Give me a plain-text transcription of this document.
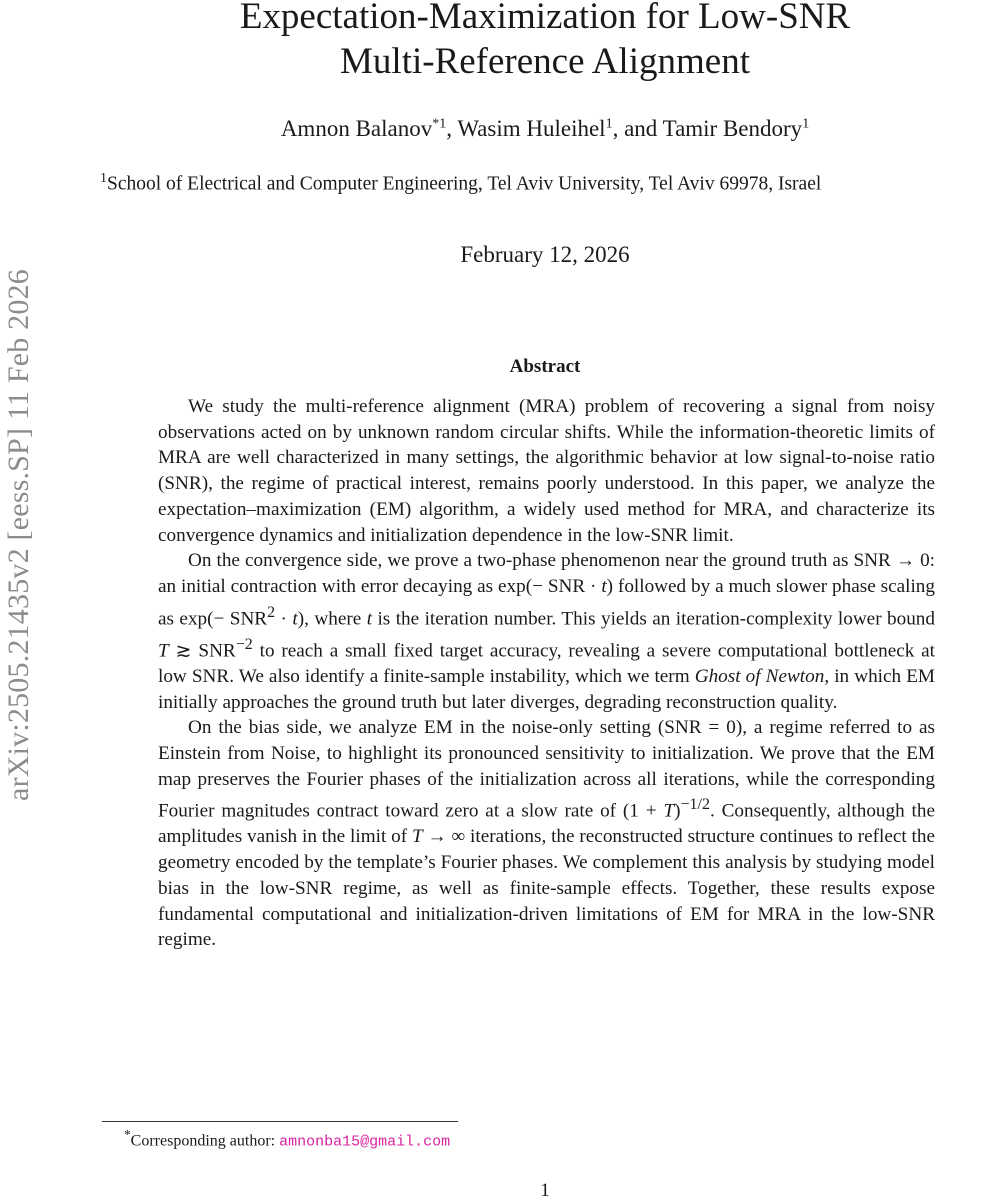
arXiv:2505.21435v2 [eess.SP] 11 Feb 2026
Expectation-Maximization for Low-SNR
Multi-Reference Alignment
Amnon Balanov$^{*1}$, Wasim Huleihel$^1$, and Tamir Bendory$^1$
$^1$School of Electrical and Computer Engineering, Tel Aviv University, Tel Aviv 69978, Israel
February 12, 2026
Abstract

We study the multi-reference alignment (MRA) problem of recovering a signal from noisy observations acted on by unknown random circular shifts. While the information-theoretic limits of MRA are well characterized in many settings, the algorithmic behavior at low signal-to-noise ratio (SNR), the regime of practical interest, remains poorly understood. In this paper, we analyze the expectation–maximization (EM) algorithm, a widely used method for MRA, and characterize its convergence dynamics and initialization dependence in the low-SNR limit.

On the convergence side, we prove a two-phase phenomenon near the ground truth as SNR → 0: an initial contraction with error decaying as exp(− SNR · t) followed by a much slower phase scaling as $\exp(- SNR^2 \cdot t)$, where t is the iteration number. This yields an iteration-complexity lower bound T ≳ $SNR^{-2}$ to reach a small fixed target accuracy, revealing a severe computational bottleneck at low SNR. We also identify a finite-sample instability, which we term Ghost of Newton, in which EM initially approaches the ground truth but later diverges, degrading reconstruction quality.

On the bias side, we analyze EM in the noise-only setting (SNR = 0), a regime referred to as Einstein from Noise, to highlight its pronounced sensitivity to initialization. We prove that the EM map preserves the Fourier phases of the initialization across all iterations, while the corresponding Fourier magnitudes contract toward zero at a slow rate of $(1 + T)^{-1/2}$. Consequently, although the amplitudes vanish in the limit of T → ∞ iterations, the reconstructed structure continues to reflect the geometry encoded by the template’s Fourier phases. We complement this analysis by studying model bias in the low-SNR regime, as well as finite-sample effects. Together, these results expose fundamental computational and initialization-driven limitations of EM for MRA in the low-SNR regime.

*Corresponding author: amnonba15@gmail.com
1
